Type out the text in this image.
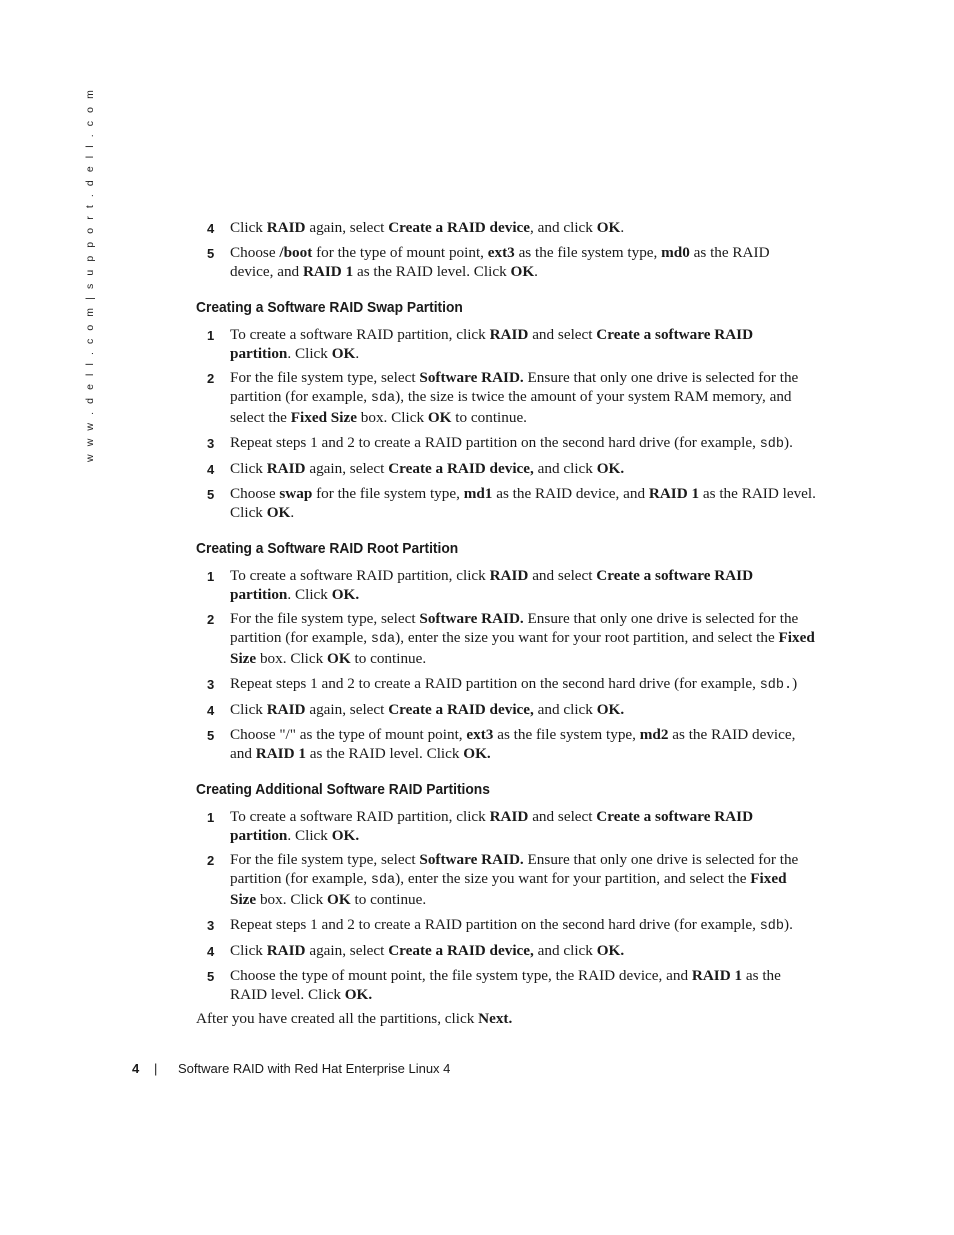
w w w . d e l l . c o m | s u p p o r t . d e l l . c o m	4 Click RAID again, select Create a RAID device, and click OK.
5 Choose /boot for the type of mount point, ext3 as the file system type, md0 as the RAID device, and RAID 1 as the RAID level. Click OK.
Creating a Software RAID Swap Partition
1 To create a software RAID partition, click RAID and select Create a software RAID partition. Click OK.
2 For the file system type, select Software RAID. Ensure that only one drive is selected for the partition (for example, sda), the size is twice the amount of your system RAM memory, and select the Fixed Size box. Click OK to continue.
3 Repeat steps 1 and 2 to create a RAID partition on the second hard drive (for example, sdb).
4 Click RAID again, select Create a RAID device, and click OK.
5 Choose swap for the file system type, md1 as the RAID device, and RAID 1 as the RAID level. Click OK.
Creating a Software RAID Root Partition
1 To create a software RAID partition, click RAID and select Create a software RAID partition. Click OK.
2 For the file system type, select Software RAID. Ensure that only one drive is selected for the partition (for example, sda), enter the size you want for your root partition, and select the Fixed Size box. Click OK to continue.
3 Repeat steps 1 and 2 to create a RAID partition on the second hard drive (for example, sdb.)
4 Click RAID again, select Create a RAID device, and click OK.
5 Choose "/" as the type of mount point, ext3 as the file system type, md2 as the RAID device, and RAID 1 as the RAID level. Click OK.
Creating Additional Software RAID Partitions
1 To create a software RAID partition, click RAID and select Create a software RAID partition. Click OK.
2 For the file system type, select Software RAID. Ensure that only one drive is selected for the partition (for example, sda), enter the size you want for your partition, and select the Fixed Size box. Click OK to continue.
3 Repeat steps 1 and 2 to create a RAID partition on the second hard drive (for example, sdb).
4 Click RAID again, select Create a RAID device, and click OK.
5 Choose the type of mount point, the file system type, the RAID device, and RAID 1 as the RAID level. Click OK.

After you have created all the partitions, click Next.

4 | Software RAID with Red Hat Enterprise Linux 4
